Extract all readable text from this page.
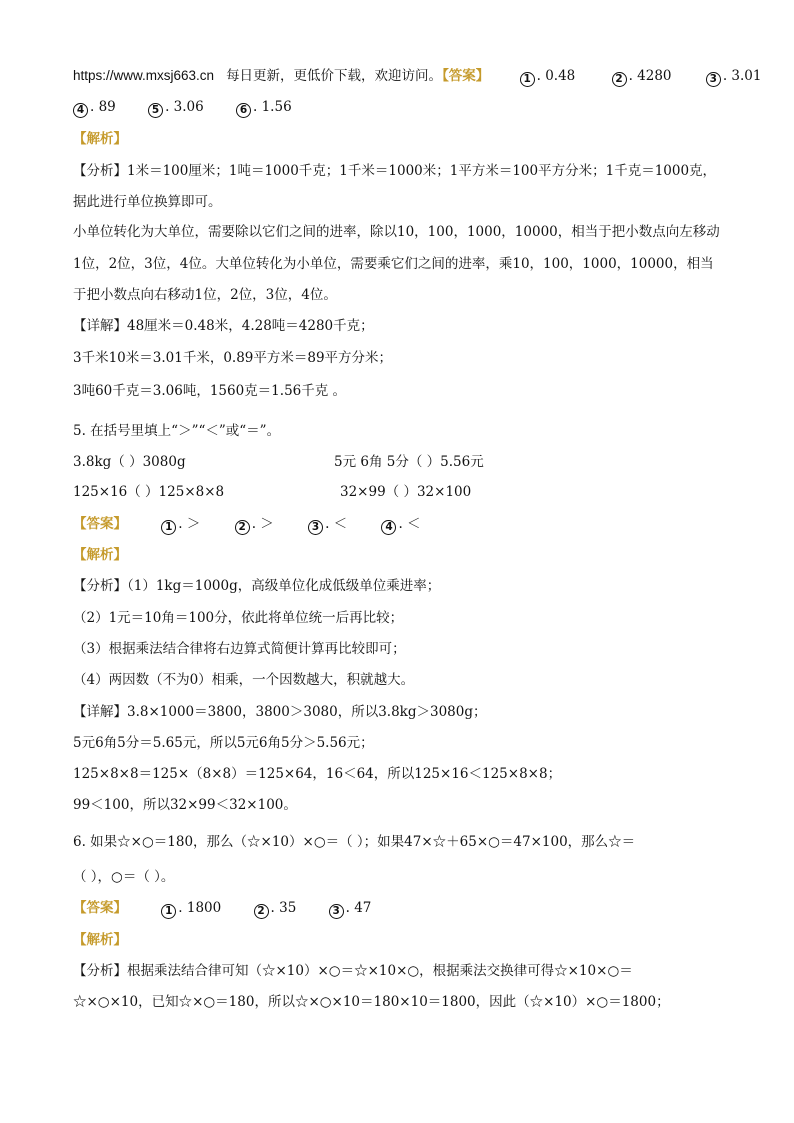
https://www.mxsj663.cn 每日更新，更低价下载，欢迎访问。【答案】	1 . 0.48	2 . 4280	3 . 3.01
4 . 89	5 . 3.06	6 . 1.56
【解析】
【分析】1米＝100厘米；1吨＝1000千克；1千米＝1000米；1平方米＝100平方分米；1千克＝1000克，
据此进行单位换算即可。
小单位转化为大单位，需要除以它们之间的进率，除以10，100，1000，10000，相当于把小数点向左移动
1位，2位，3位，4位。大单位转化为小单位，需要乘它们之间的进率，乘10，100，1000，10000，相当
于把小数点向右移动1位，2位，3位，4位。
【详解】48厘米＝0.48米，4.28吨＝4280千克；
3千米10米＝3.01千米，0.89平方米＝89平方分米；
3吨60千克＝3.06吨，1560克＝1.56千克 。
5. 在括号里填上“＞”“＜”或“＝”。
3.8kg（ ）3080g	5元 6角 5分（ ）5.56元
125×16（ ）125×8×8	32×99（ ）32×100
【答案】	1 . ＞	2 . ＞	3 . ＜	4 . ＜
【解析】
【分析】（1）1kg＝1000g，高级单位化成低级单位乘进率；
（2）1元＝10角＝100分，依此将单位统一后再比较；
（3）根据乘法结合律将右边算式简便计算再比较即可；
（4）两因数（不为0）相乘，一个因数越大，积就越大。
【详解】3.8×1000＝3800，3800＞3080，所以3.8kg＞3080g；
5元6角5分＝5.65元，所以5元6角5分＞5.56元；
125×8×8＝125×（8×8）＝125×64，16＜64，所以125×16＜125×8×8；
99＜100，所以32×99＜32×100。
6. 如果☆×○＝180，那么（☆×10）×○＝（ ）；如果47×☆＋65×○＝47×100，那么☆＝
（ ），○＝（ ）。
【答案】	1 . 1800	2 . 35	3 . 47
【解析】
【分析】根据乘法结合律可知（☆×10）×○＝☆×10×○，根据乘法交换律可得☆×10×○＝
☆×○×10，已知☆×○＝180，所以☆×○×10＝180×10＝1800，因此（☆×10）×○＝1800；
